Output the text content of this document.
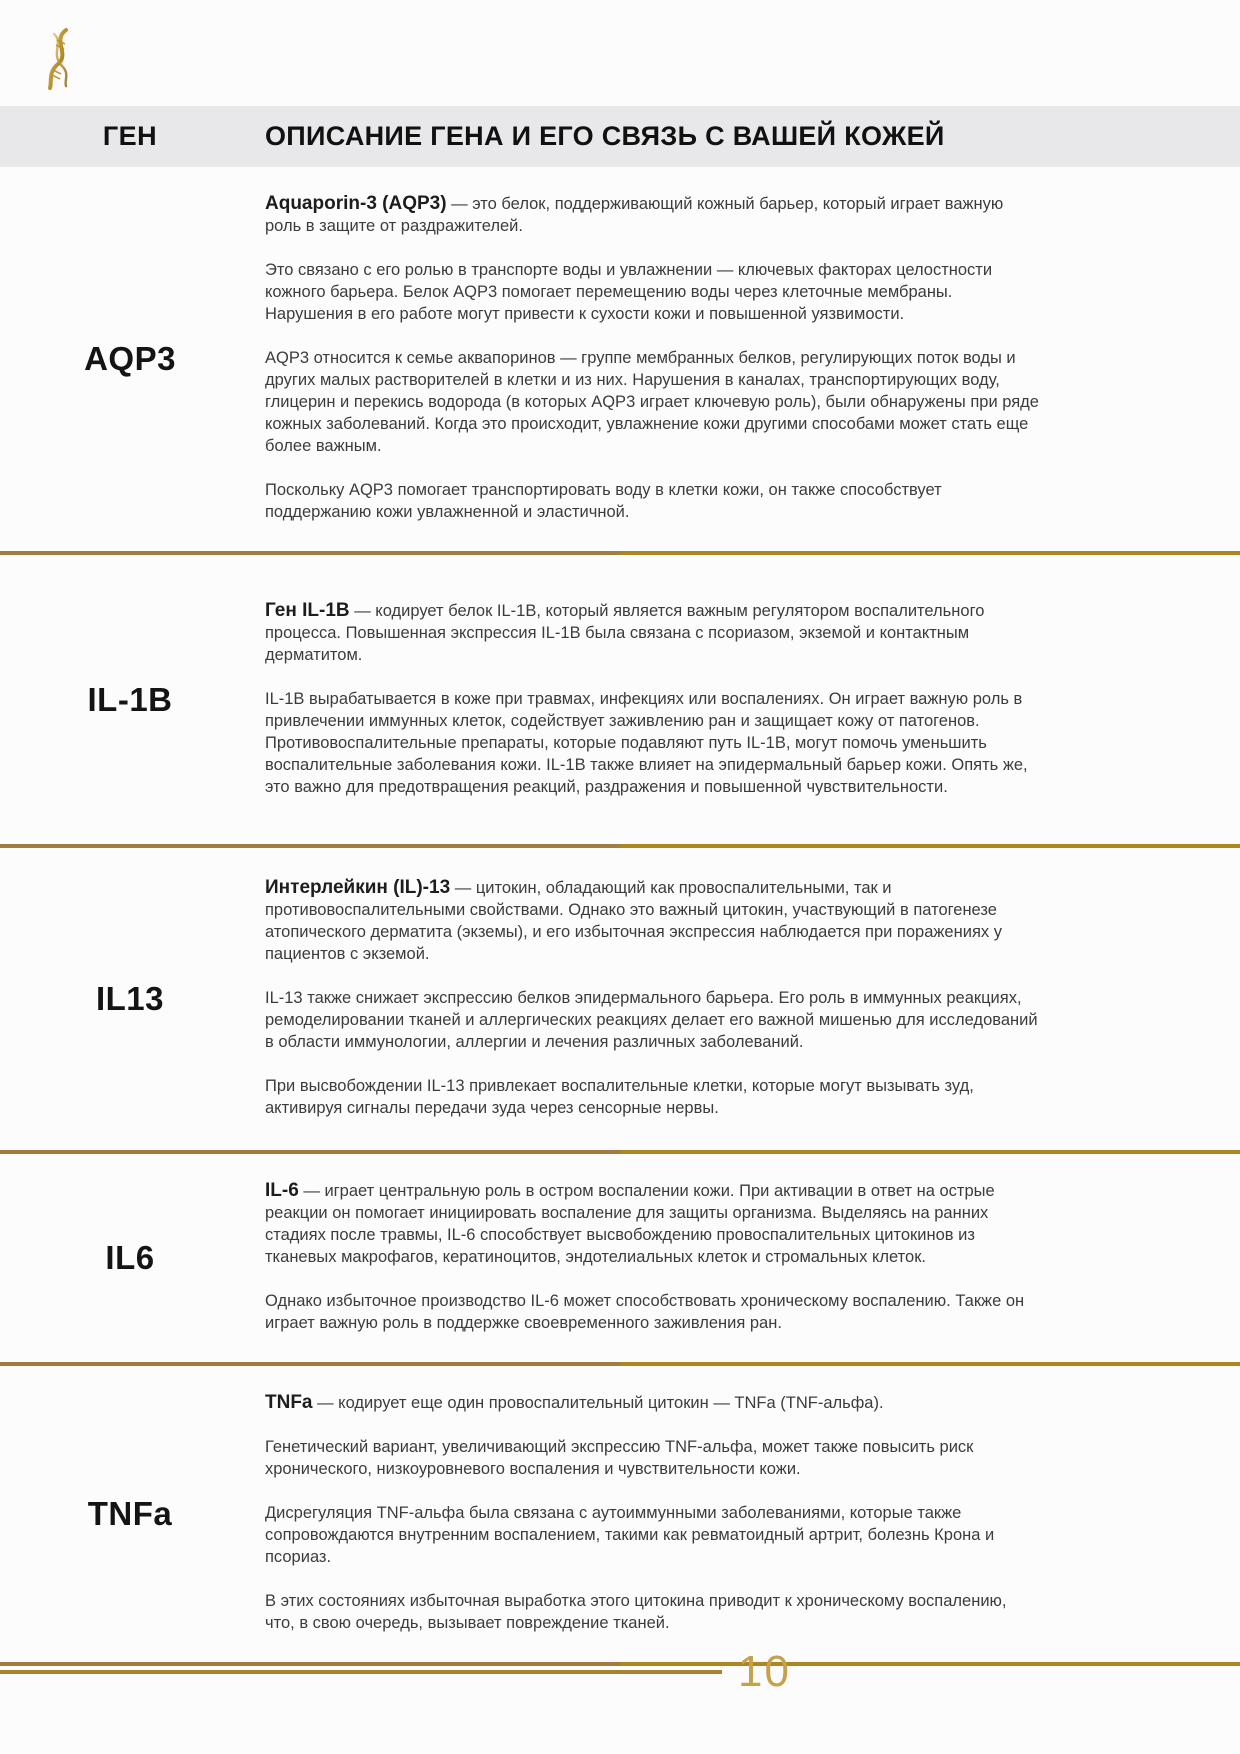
ГЕН	ОПИСАНИЕ ГЕНА И ЕГО СВЯЗЬ С ВАШЕЙ КОЖЕЙ
AQP3

Aquaporin-3 (AQP3) — это белок, поддерживающий кожный барьер, который играет важную роль в защите от раздражителей.

Это связано с его ролью в транспорте воды и увлажнении — ключевых факторах целостности кожного барьера. Белок AQP3 помогает перемещению воды через клеточные мембраны. Нарушения в его работе могут привести к сухости кожи и повышенной уязвимости.

AQP3 относится к семье аквапоринов — группе мембранных белков, регулирующих поток воды и других малых растворителей в клетки и из них. Нарушения в каналах, транспортирующих воду, глицерин и перекись водорода (в которых AQP3 играет ключевую роль), были обнаружены при ряде кожных заболеваний. Когда это происходит, увлажнение кожи другими способами может стать еще более важным.

Поскольку AQP3 помогает транспортировать воду в клетки кожи, он также способствует поддержанию кожи увлажненной и эластичной.

IL-1B

Ген IL-1B — кодирует белок IL-1B, который является важным регулятором воспалительного процесса. Повышенная экспрессия IL-1B была связана с псориазом, экземой и контактным дерматитом.

IL-1B вырабатывается в коже при травмах, инфекциях или воспалениях. Он играет важную роль в привлечении иммунных клеток, содействует заживлению ран и защищает кожу от патогенов. Противовоспалительные препараты, которые подавляют путь IL-1B, могут помочь уменьшить воспалительные заболевания кожи. IL-1B также влияет на эпидермальный барьер кожи. Опять же, это важно для предотвращения реакций, раздражения и повышенной чувствительности.

IL13

Интерлейкин (IL)-13 — цитокин, обладающий как провоспалительными, так и противовоспалительными свойствами. Однако это важный цитокин, участвующий в патогенезе атопического дерматита (экземы), и его избыточная экспрессия наблюдается при поражениях у пациентов с экземой.

IL-13 также снижает экспрессию белков эпидермального барьера. Его роль в иммунных реакциях, ремоделировании тканей и аллергических реакциях делает его важной мишенью для исследований в области иммунологии, аллергии и лечения различных заболеваний.

При высвобождении IL-13 привлекает воспалительные клетки, которые могут вызывать зуд, активируя сигналы передачи зуда через сенсорные нервы.

IL6

IL-6 — играет центральную роль в остром воспалении кожи. При активации в ответ на острые реакции он помогает инициировать воспаление для защиты организма. Выделяясь на ранних стадиях после травмы, IL-6 способствует высвобождению провоспалительных цитокинов из тканевых макрофагов, кератиноцитов, эндотелиальных клеток и стромальных клеток.

Однако избыточное производство IL-6 может способствовать хроническому воспалению. Также он играет важную роль в поддержке своевременного заживления ран.

TNFa

TNFa — кодирует еще один провоспалительный цитокин — TNFa (TNF-альфа).

Генетический вариант, увеличивающий экспрессию TNF-альфа, может также повысить риск хронического, низкоуровневого воспаления и чувствительности кожи.

Дисрегуляция TNF-альфа была связана с аутоиммунными заболеваниями, которые также сопровождаются внутренним воспалением, такими как ревматоидный артрит, болезнь Крона и псориаз.

В этих состояниях избыточная выработка этого цитокина приводит к хроническому воспалению, что, в свою очередь, вызывает повреждение тканей.

10
